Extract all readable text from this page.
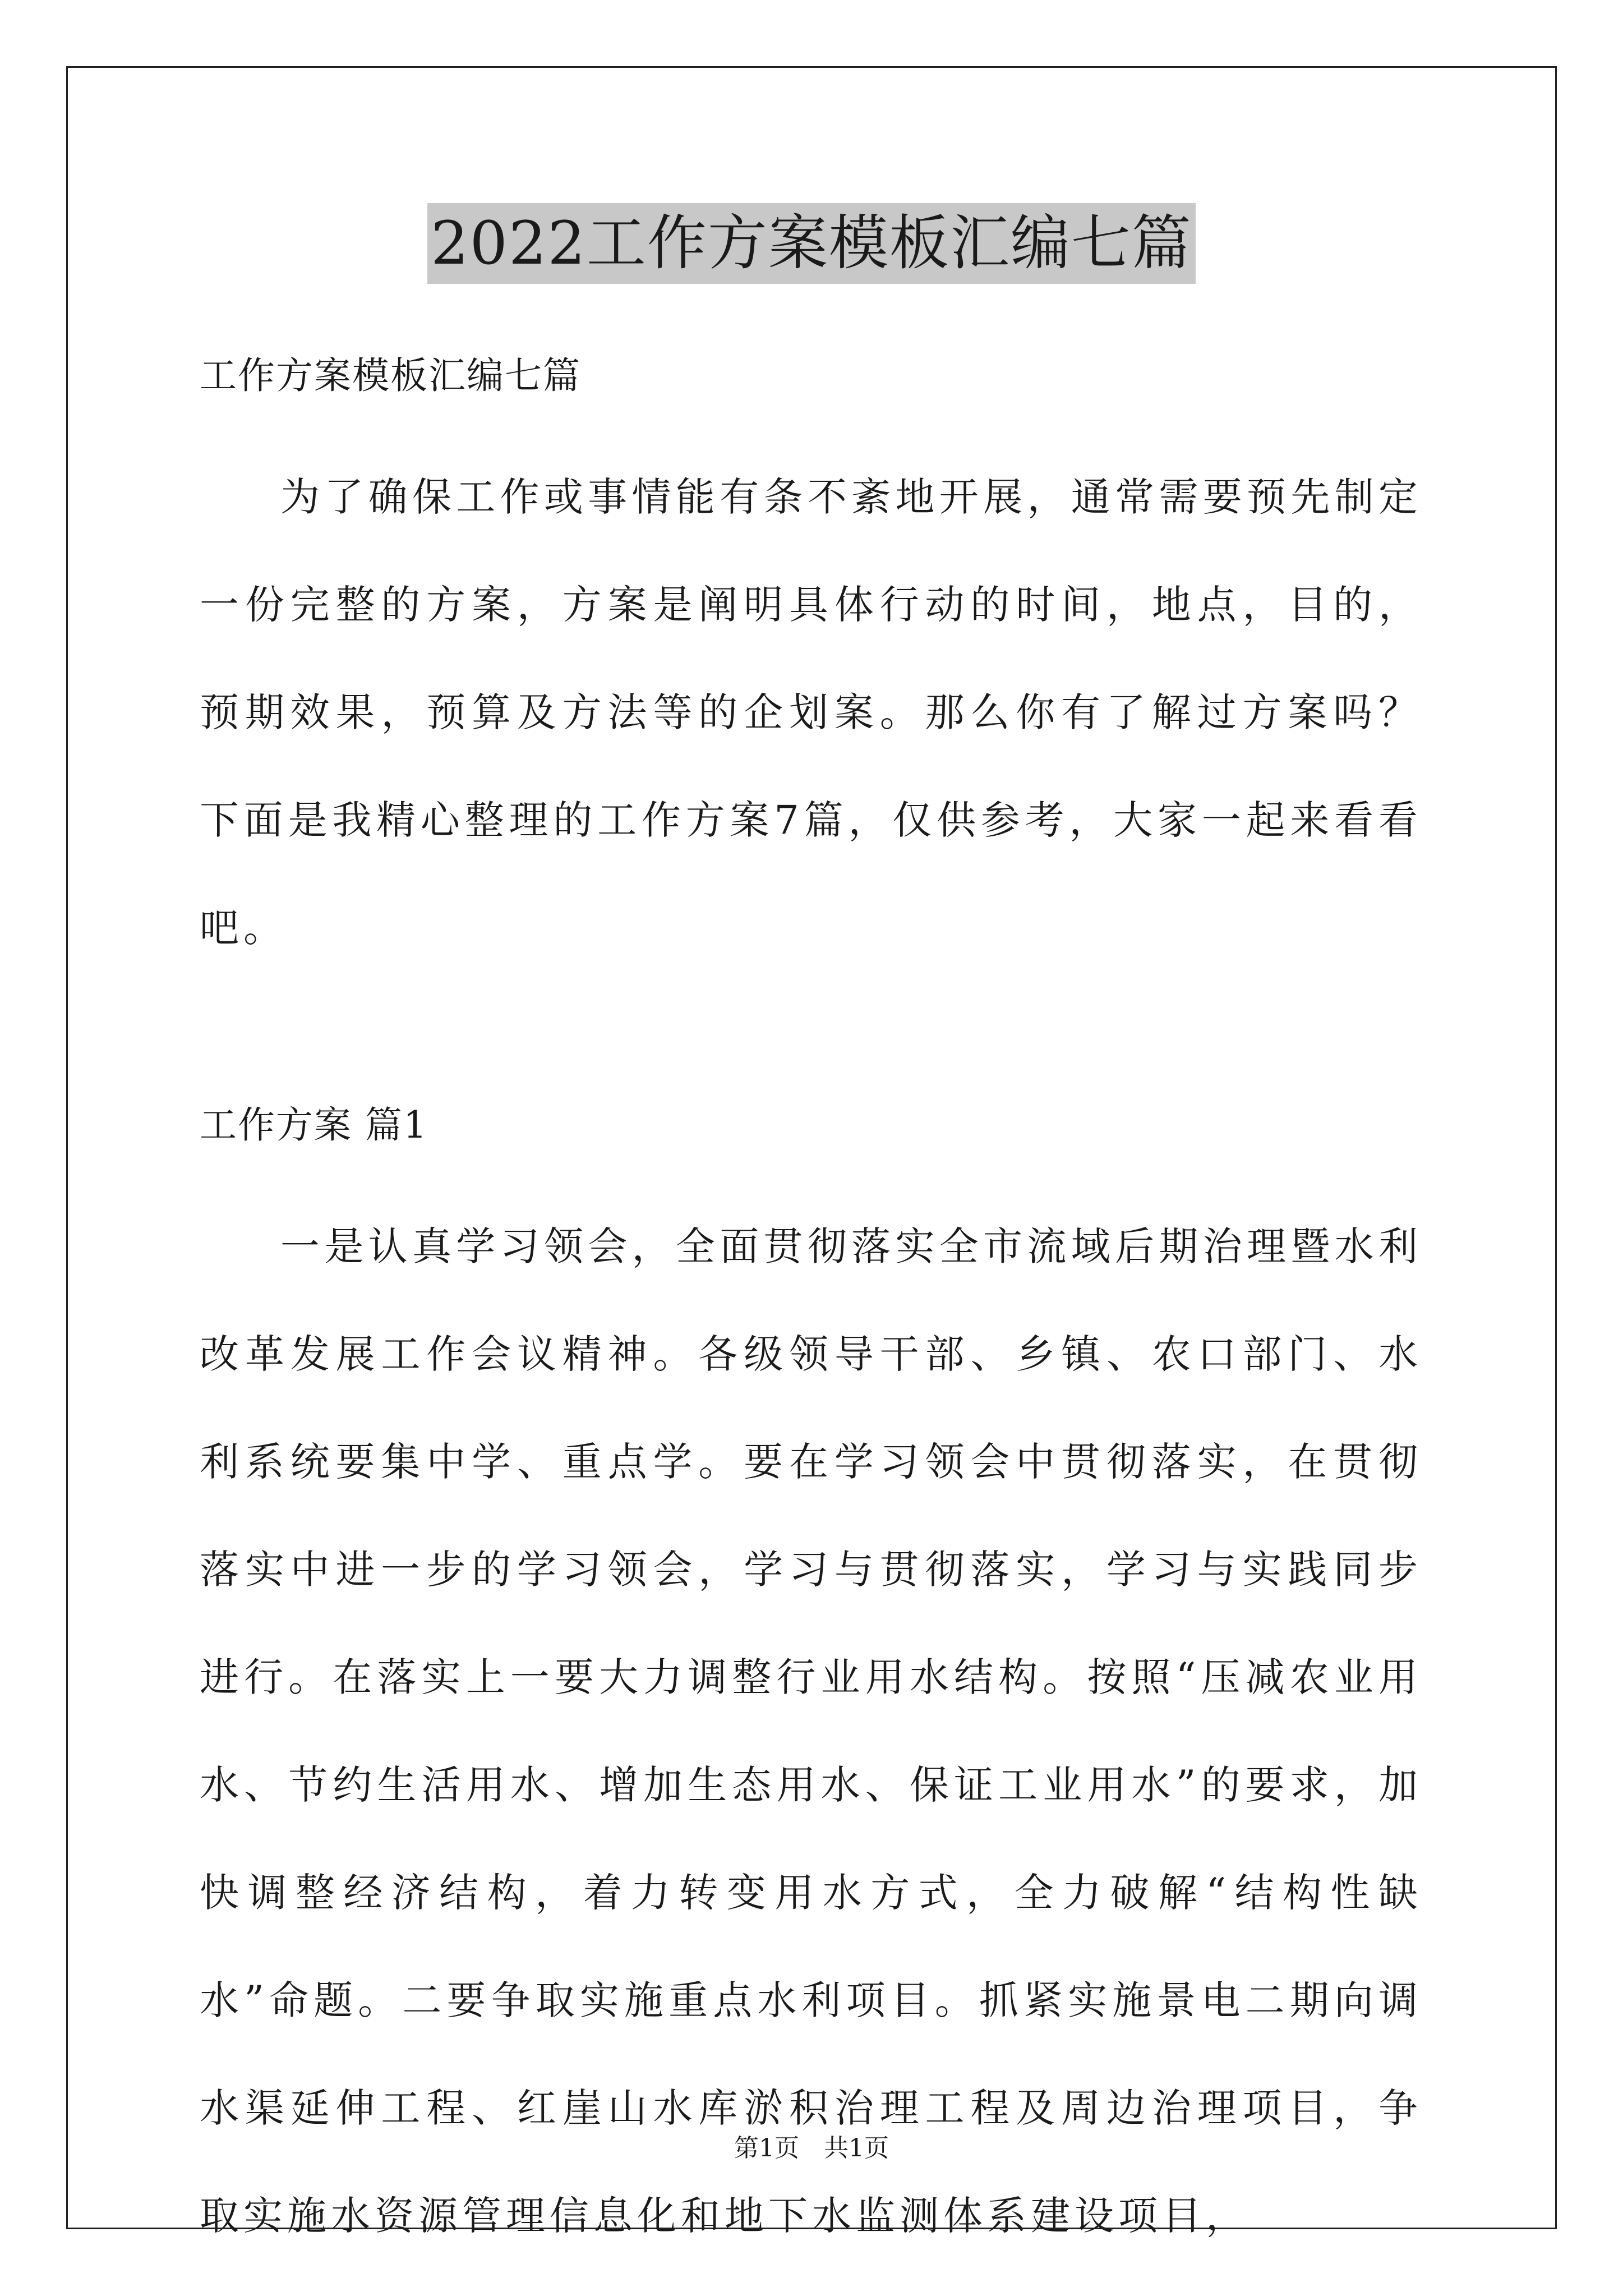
2022工作方案模板汇编七篇

工作方案模板汇编七篇

为了确保工作或事情能有条不紊地开展，通常需要预先制定一份完整的方案，方案是阐明具体行动的时间，地点，目的，预期效果，预算及方法等的企划案。那么你有了解过方案吗？下面是我精心整理的工作方案7篇，仅供参考，大家一起来看看吧。

工作方案 篇1

一是认真学习领会，全面贯彻落实全市流域后期治理暨水利改革发展工作会议精神。各级领导干部、乡镇、农口部门、水利系统要集中学、重点学。要在学习领会中贯彻落实，在贯彻落实中进一步的学习领会，学习与贯彻落实，学习与实践同步进行。在落实上一要大力调整行业用水结构。按照“压减农业用水、节约生活用水、增加生态用水、保证工业用水”的要求，加快调整经济结构，着力转变用水方式，全力破解“结构性缺水”命题。二要争取实施重点水利项目。抓紧实施景电二期向调水渠延伸工程、红崖山水库淤积治理工程及周边治理项目，争取实施水资源管理信息化和地下水监测体系建设项目，

第1页　共1页
